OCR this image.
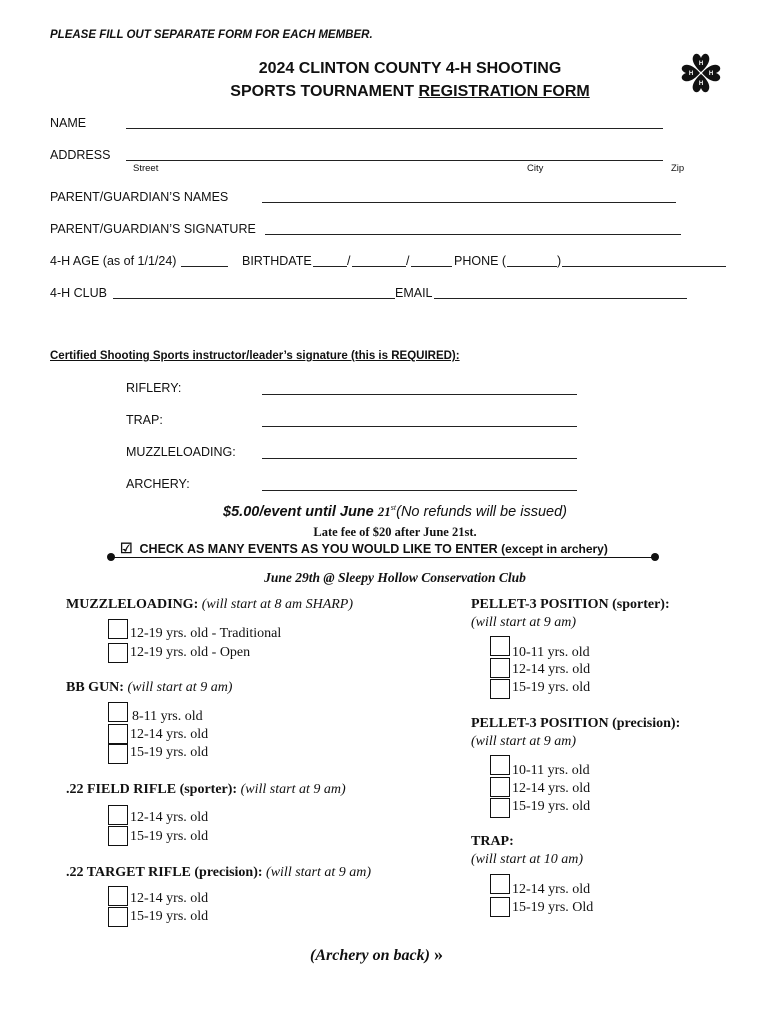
PLEASE FILL OUT SEPARATE FORM FOR EACH MEMBER.
2024 CLINTON COUNTY 4-H SHOOTING
SPORTS TOURNAMENT REGISTRATION FORM
H
H
H	H
NAME
ADDRESS
Street	City	Zip
PARENT/GUARDIAN’S NAMES
PARENT/GUARDIAN’S SIGNATURE
4-H AGE (as of 1/1/24)	BIRTHDATE	/	/	PHONE (	)
4-H CLUB	EMAIL
Certified Shooting Sports instructor/leader’s signature (this is REQUIRED):
RIFLERY:
TRAP:
MUZZLELOADING:
ARCHERY:
$5.00/event until June 21st(No refunds will be issued)
Late fee of $20 after June 21st.
☑ CHECK AS MANY EVENTS AS YOU WOULD LIKE TO ENTER (except in archery)
June 29th @ Sleepy Hollow Conservation Club
MUZZLELOADING: (will start at 8 am SHARP)
12-19 yrs. old - Traditional
12-19 yrs. old - Open
BB GUN: (will start at 9 am)
8-11 yrs. old
12-14 yrs. old
15-19 yrs. old
.22 FIELD RIFLE (sporter): (will start at 9 am)
12-14 yrs. old
15-19 yrs. old
.22 TARGET RIFLE (precision): (will start at 9 am)
12-14 yrs. old
15-19 yrs. old
PELLET-3 POSITION (sporter):
(will start at 9 am)
10-11 yrs. old
12-14 yrs. old
15-19 yrs. old
PELLET-3 POSITION (precision):
(will start at 9 am)
10-11 yrs. old
12-14 yrs. old
15-19 yrs. old
TRAP:
(will start at 10 am)
12-14 yrs. old
15-19 yrs. Old
(Archery on back) »
